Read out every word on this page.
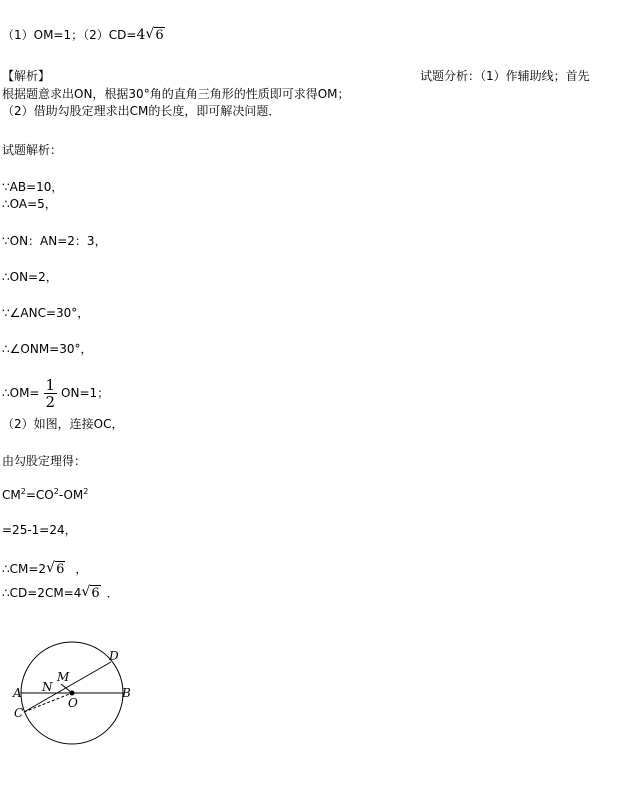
（1）OM=1；（2）CD=4 √ 6
【解析】	试题分析：（1）作辅助线；首先
根据题意求出ON，根据30°角的直角三角形的性质即可求得OM；
（2）借助勾股定理求出CM的长度，即可解决问题．
试题解析：
∵AB=10，
∴OA=5，
∵ON：AN=2：3，
∴ON=2，
∵∠ANC=30°，
∴∠ONM=30°，
∴OM= $\frac{1}{2} ON=1$；
（2）如图，连接OC，
由勾股定理得：
$CM^2=CO^2-OM^2$
=25-1=24，
∴CM=2 √ 6 ，
∴CD=2CM=4 √ 6 ．
A	B
C
D
M
N
O
